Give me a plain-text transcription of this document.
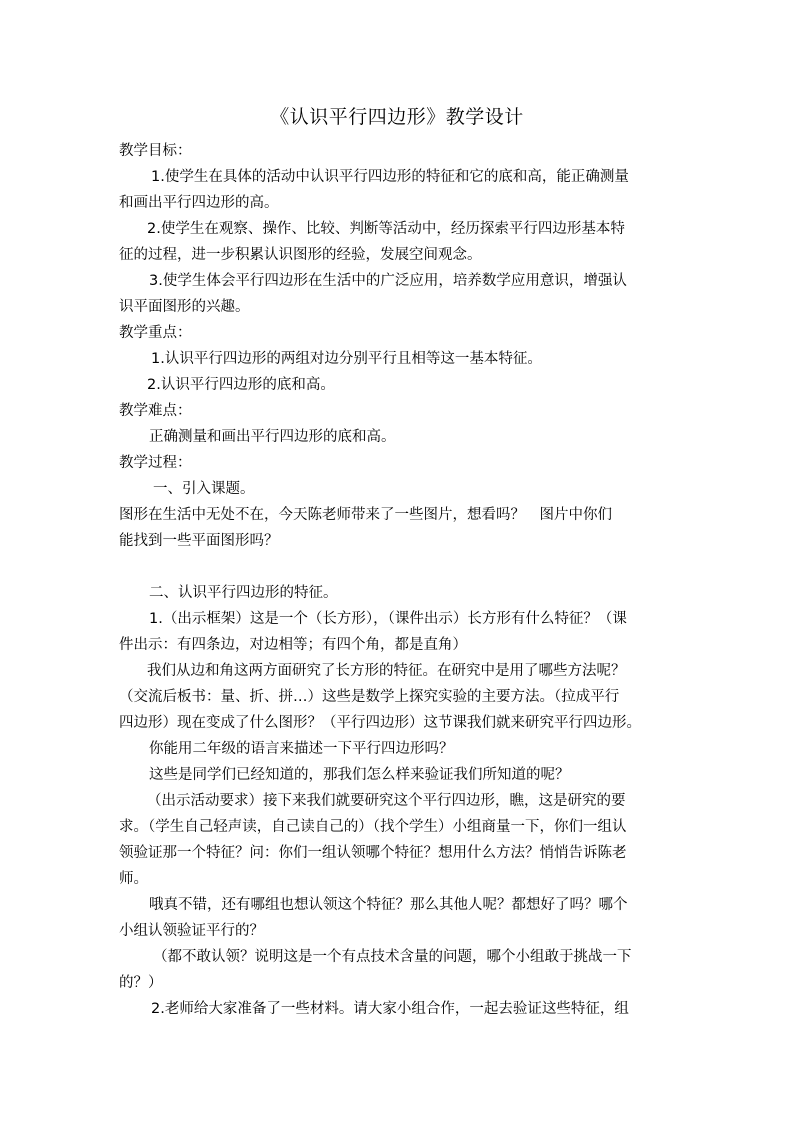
《认识平行四边形》教学设计
教学目标：
1.使学生在具体的活动中认识平行四边形的特征和它的底和高，能正确测量
和画出平行四边形的高。
2.使学生在观察、操作、比较、判断等活动中，经历探索平行四边形基本特
征的过程，进一步积累认识图形的经验，发展空间观念。
3.使学生体会平行四边形在生活中的广泛应用，培养数学应用意识，增强认
识平面图形的兴趣。
教学重点：
1.认识平行四边形的两组对边分别平行且相等这一基本特征。
2.认识平行四边形的底和高。
教学难点：
正确测量和画出平行四边形的底和高。
教学过程：
一、引入课题。
图形在生活中无处不在，今天陈老师带来了一些图片，想看吗？　图片中你们
能找到一些平面图形吗？
二、认识平行四边形的特征。
1.（出示框架）这是一个（长方形），（课件出示）长方形有什么特征？（课
件出示：有四条边，对边相等；有四个角，都是直角）
我们从边和角这两方面研究了长方形的特征。在研究中是用了哪些方法呢？
（交流后板书：量、折、拼…）这些是数学上探究实验的主要方法。（拉成平行
四边形）现在变成了什么图形？（平行四边形）这节课我们就来研究平行四边形。
你能用二年级的语言来描述一下平行四边形吗？
这些是同学们已经知道的，那我们怎么样来验证我们所知道的呢？
（出示活动要求）接下来我们就要研究这个平行四边形，瞧，这是研究的要
求。（学生自己轻声读，自己读自己的）（找个学生）小组商量一下，你们一组认
领验证那一个特征？问：你们一组认领哪个特征？想用什么方法？悄悄告诉陈老
师。
哦真不错，还有哪组也想认领这个特征？那么其他人呢？都想好了吗？哪个
小组认领验证平行的？
（都不敢认领？说明这是一个有点技术含量的问题，哪个小组敢于挑战一下
的？）
2.老师给大家准备了一些材料。请大家小组合作，一起去验证这些特征，组
